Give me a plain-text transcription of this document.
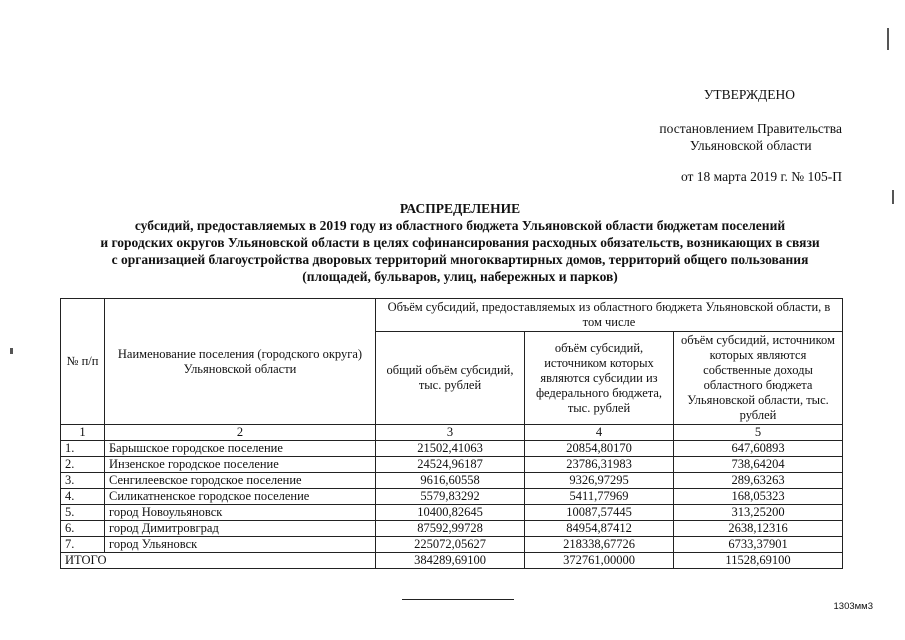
УТВЕРЖДЕНО
постановлением Правительства
Ульяновской области
от 18 марта 2019 г. № 105-П
РАСПРЕДЕЛЕНИЕ
субсидий, предоставляемых в 2019 году из областного бюджета Ульяновской области бюджетам поселений
и городских округов Ульяновской области в целях софинансирования расходных обязательств, возникающих в связи
с организацией благоустройства дворовых территорий многоквартирных домов, территорий общего пользования
(площадей, бульваров, улиц, набережных и парков)
№ п/п	Наименование поселения (городского округа) Ульяновской области	Объём субсидий, предоставляемых из областного бюджета Ульяновской области, в том числе		
		общий объём субсидий, тыс. рублей	объём субсидий, источником которых являются субсидии из федерального бюджета, тыс. рублей	объём субсидий, источником которых являются собственные доходы областного бюджета Ульяновской области, тыс. рублей
1	2	3	4	5
1.	Барышское городское поселение	21502,41063	20854,80170	647,60893
2.	Инзенское городское поселение	24524,96187	23786,31983	738,64204
3.	Сенгилеевское городское поселение	9616,60558	9326,97295	289,63263
4.	Силикатненское городское поселение	5579,83292	5411,77969	168,05323
5.	город Новоульяновск	10400,82645	10087,57445	313,25200
6.	город Димитровград	87592,99728	84954,87412	2638,12316
7.	город Ульяновск	225072,05627	218338,67726	6733,37901
ИТОГО		384289,69100	372761,00000	11528,69100
1303мм3
